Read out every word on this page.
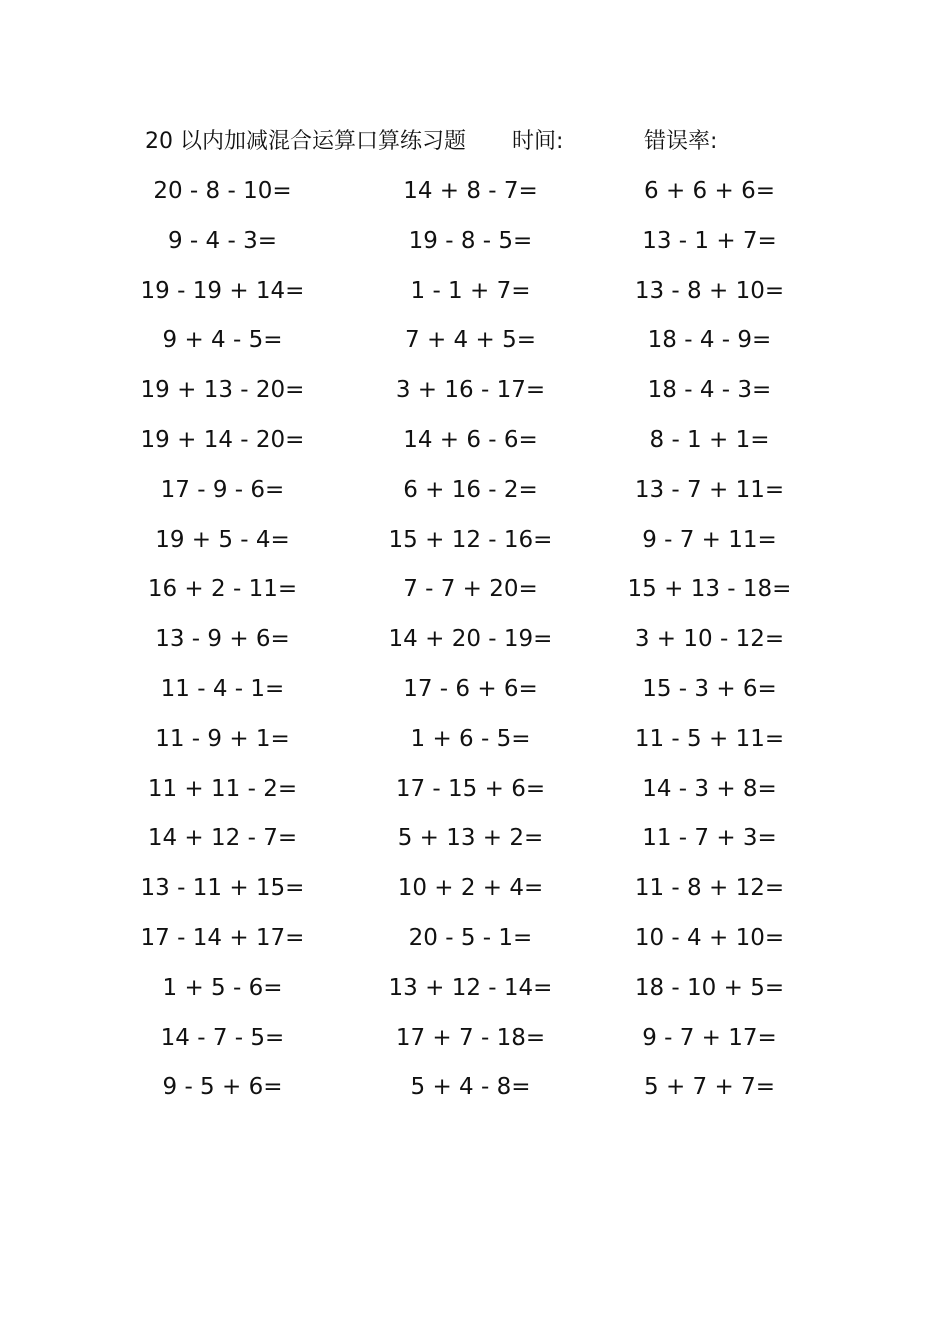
20 以内加减混合运算口算练习题 时间:	错误率:
20 - 8 - 10=	14 + 8 - 7=	6 + 6 + 6=
9 - 4 - 3=	19 - 8 - 5=	13 - 1 + 7=
19 - 19 + 14=	1 - 1 + 7=	13 - 8 + 10=
9 + 4 - 5=	7 + 4 + 5=	18 - 4 - 9=
19 + 13 - 20=	3 + 16 - 17=	18 - 4 - 3=
19 + 14 - 20=	14 + 6 - 6=	8 - 1 + 1=
17 - 9 - 6=	6 + 16 - 2=	13 - 7 + 11=
19 + 5 - 4=	15 + 12 - 16=	9 - 7 + 11=
16 + 2 - 11=	7 - 7 + 20=	15 + 13 - 18=
13 - 9 + 6=	14 + 20 - 19=	3 + 10 - 12=
11 - 4 - 1=	17 - 6 + 6=	15 - 3 + 6=
11 - 9 + 1=	1 + 6 - 5=	11 - 5 + 11=
11 + 11 - 2=	17 - 15 + 6=	14 - 3 + 8=
14 + 12 - 7=	5 + 13 + 2=	11 - 7 + 3=
13 - 11 + 15=	10 + 2 + 4=	11 - 8 + 12=
17 - 14 + 17=	20 - 5 - 1=	10 - 4 + 10=
1 + 5 - 6=	13 + 12 - 14=	18 - 10 + 5=
14 - 7 - 5=	17 + 7 - 18=	9 - 7 + 17=
9 - 5 + 6=	5 + 4 - 8=	5 + 7 + 7=
